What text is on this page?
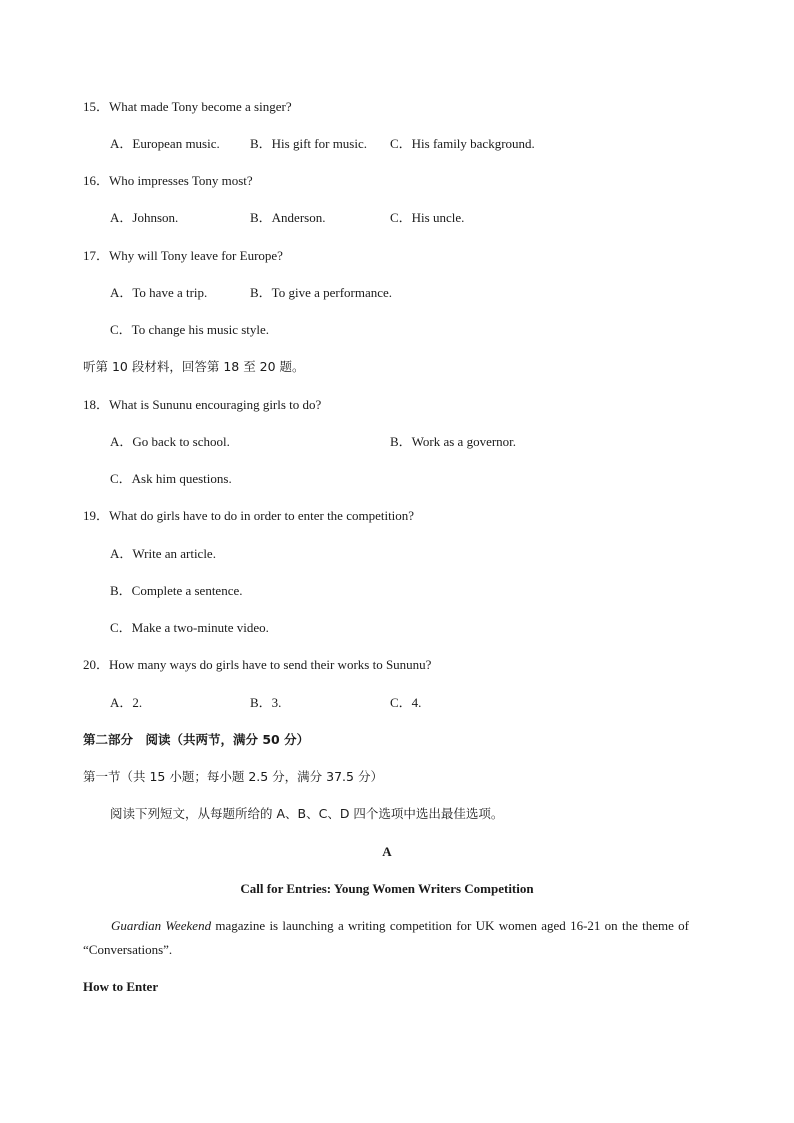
15．What made Tony become a singer?
A．European music. B．His gift for music. C．His family background.
16．Who impresses Tony most?
A．Johnson.	B．Anderson.	C．His uncle.
17．Why will Tony leave for Europe?
A．To have a trip.	B．To give a performance.
C．To change his music style.
听第 10 段材料，回答第 18 至 20 题。
18．What is Sununu encouraging girls to do?
A．Go back to school.	B．Work as a governor.
C．Ask him questions.
19．What do girls have to do in order to enter the competition?
A．Write an article.
B．Complete a sentence.
C．Make a two-minute video.
20．How many ways do girls have to send their works to Sununu?
A．2.	B．3.	C．4.
第二部分　阅读（共两节，满分 50 分）
第一节（共 15 小题；每小题 2.5 分，满分 37.5 分）
阅读下列短文，从每题所给的 A、B、C、D 四个选项中选出最佳选项。
A
Call for Entries: Young Women Writers Competition
Guardian Weekend magazine is launching a writing competition for UK women aged 16-21 on the theme of “Conversations”.
How to Enter
